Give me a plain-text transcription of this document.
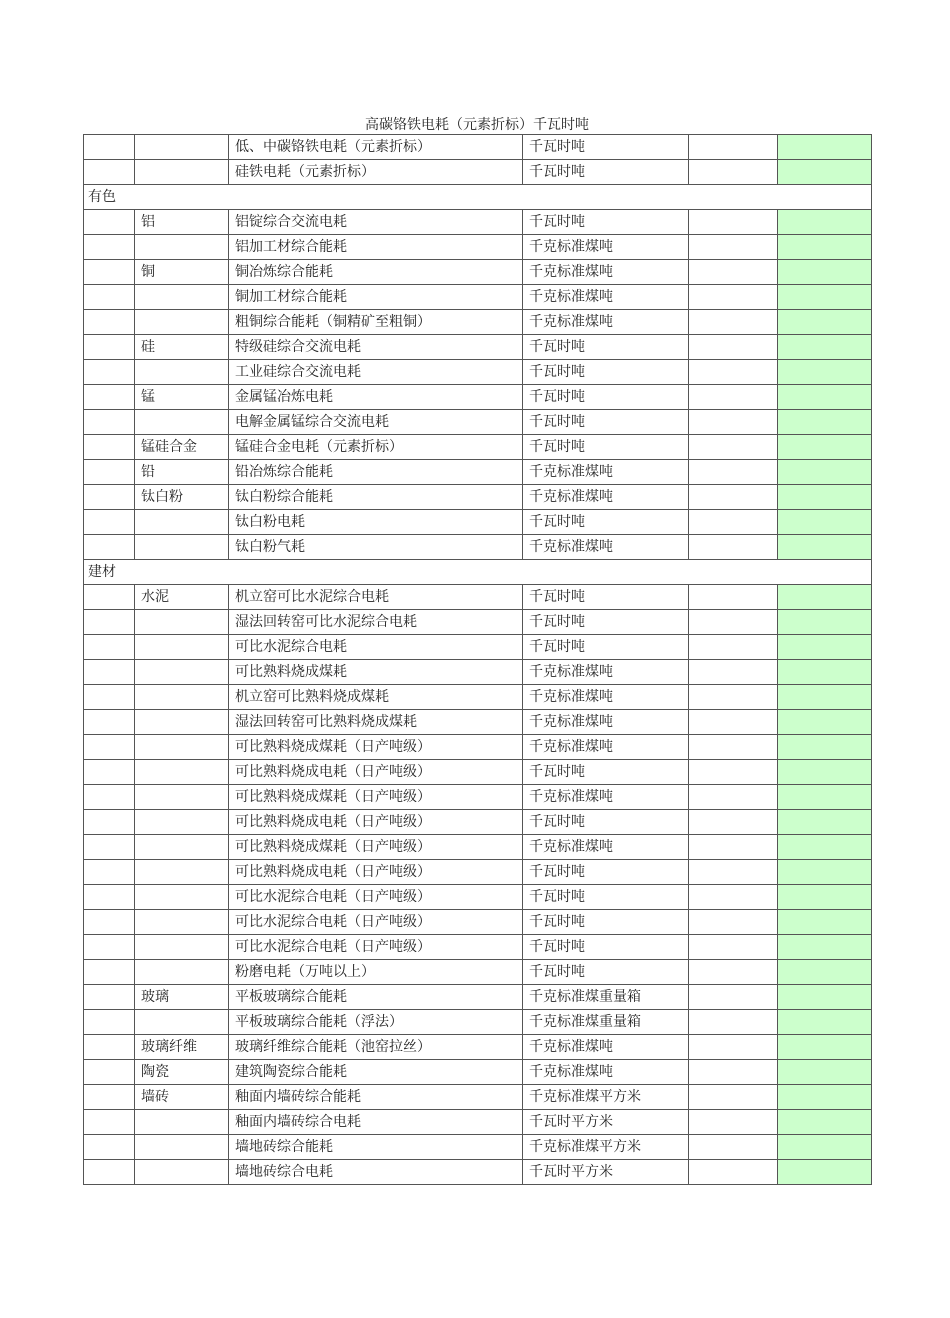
高碳铬铁电耗（元素折标）千瓦时吨
		低、中碳铬铁电耗（元素折标）	千瓦时吨		
		硅铁电耗（元素折标）	千瓦时吨		
有色					
	铝	铝锭综合交流电耗	千瓦时吨		
		铝加工材综合能耗	千克标准煤吨		
	铜	铜冶炼综合能耗	千克标准煤吨		
		铜加工材综合能耗	千克标准煤吨		
		粗铜综合能耗（铜精矿至粗铜）	千克标准煤吨		
	硅	特级硅综合交流电耗	千瓦时吨		
		工业硅综合交流电耗	千瓦时吨		
	锰	金属锰冶炼电耗	千瓦时吨		
		电解金属锰综合交流电耗	千瓦时吨		
	锰硅合金	锰硅合金电耗（元素折标）	千瓦时吨		
	铅	铅冶炼综合能耗	千克标准煤吨		
	钛白粉	钛白粉综合能耗	千克标准煤吨		
		钛白粉电耗	千瓦时吨		
		钛白粉气耗	千克标准煤吨		
建材					
	水泥	机立窑可比水泥综合电耗	千瓦时吨		
		湿法回转窑可比水泥综合电耗	千瓦时吨		
		可比水泥综合电耗	千瓦时吨		
		可比熟料烧成煤耗	千克标准煤吨		
		机立窑可比熟料烧成煤耗	千克标准煤吨		
		湿法回转窑可比熟料烧成煤耗	千克标准煤吨		
		可比熟料烧成煤耗（日产吨级）	千克标准煤吨		
		可比熟料烧成电耗（日产吨级）	千瓦时吨		
		可比熟料烧成煤耗（日产吨级）	千克标准煤吨		
		可比熟料烧成电耗（日产吨级）	千瓦时吨		
		可比熟料烧成煤耗（日产吨级）	千克标准煤吨		
		可比熟料烧成电耗（日产吨级）	千瓦时吨		
		可比水泥综合电耗（日产吨级）	千瓦时吨		
		可比水泥综合电耗（日产吨级）	千瓦时吨		
		可比水泥综合电耗（日产吨级）	千瓦时吨		
		粉磨电耗（万吨以上）	千瓦时吨		
	玻璃	平板玻璃综合能耗	千克标准煤重量箱		
		平板玻璃综合能耗（浮法）	千克标准煤重量箱		
	玻璃纤维	玻璃纤维综合能耗（池窑拉丝）	千克标准煤吨		
	陶瓷	建筑陶瓷综合能耗	千克标准煤吨		
	墙砖	釉面内墙砖综合能耗	千克标准煤平方米		
		釉面内墙砖综合电耗	千瓦时平方米		
		墙地砖综合能耗	千克标准煤平方米		
		墙地砖综合电耗	千瓦时平方米		
